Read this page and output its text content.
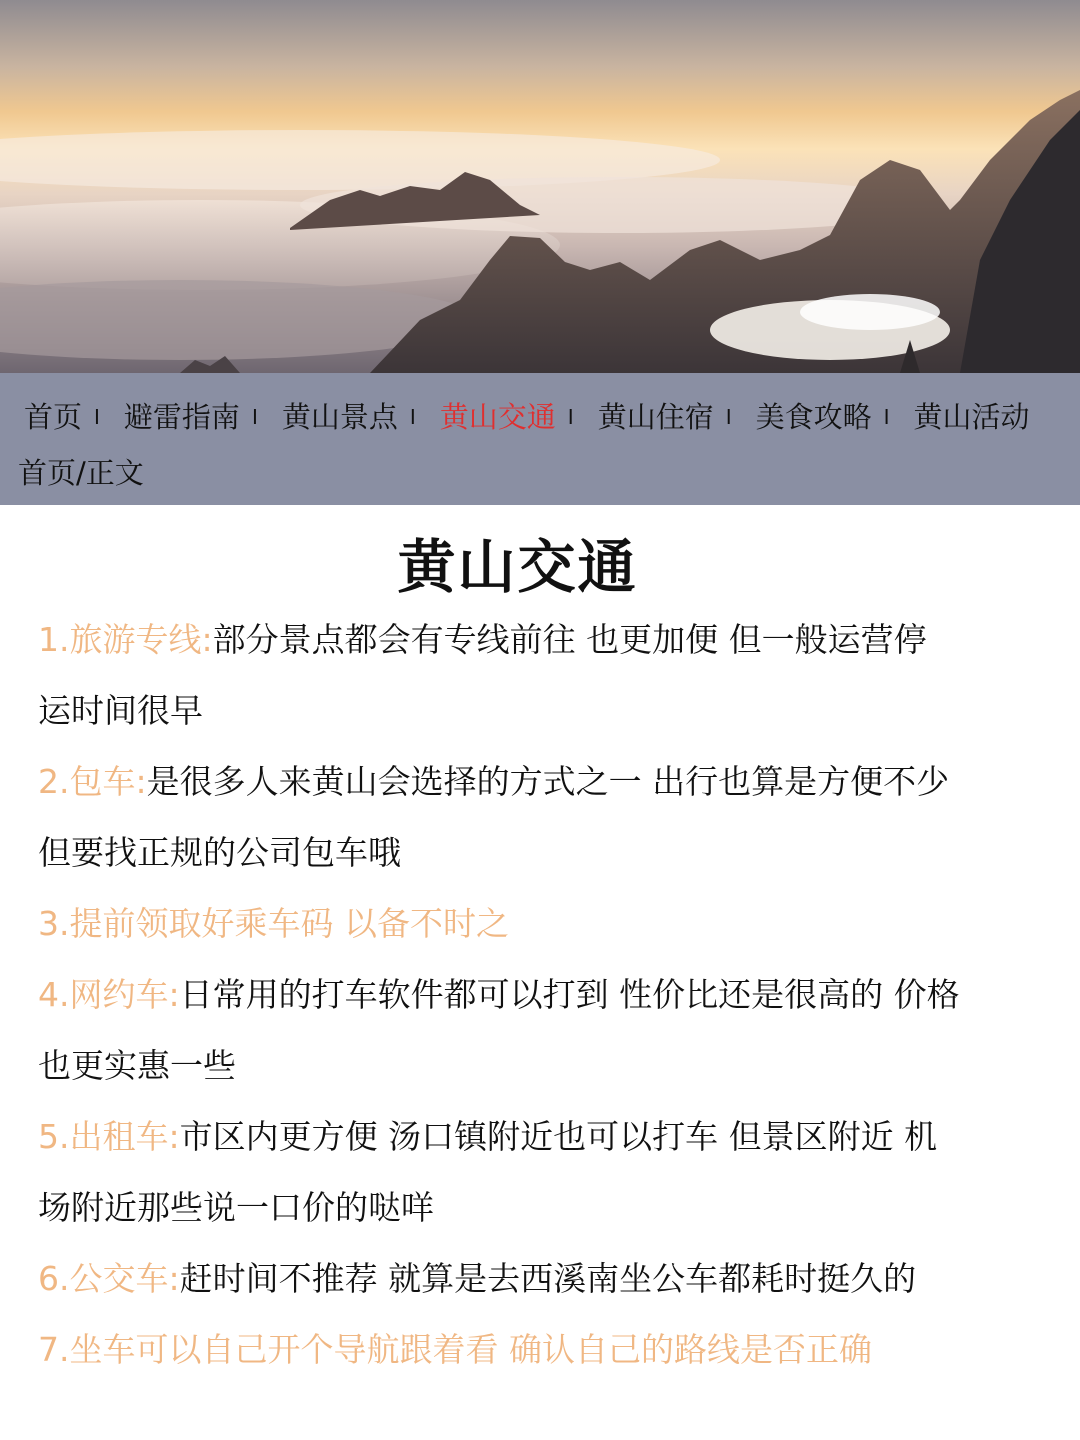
首页 I 避雷指南 I 黄山景点 I 黄山交通 I 黄山住宿 I 美食攻略 I 黄山活动
首页/正文
黄山交通
1.旅游专线:部分景点都会有专线前往 也更加便 但一般运营停
运时间很早
2.包车:是很多人来黄山会选择的方式之一 出行也算是方便不少
但要找正规的公司包车哦
3.提前领取好乘车码 以备不时之
4.网约车:日常用的打车软件都可以打到 性价比还是很高的 价格
也更实惠一些
5.出租车:市区内更方便 汤口镇附近也可以打车 但景区附近 机
场附近那些说一口价的哒咩
6.公交车:赶时间不推荐 就算是去西溪南坐公车都耗时挺久的
7.坐车可以自己开个导航跟着看 确认自己的路线是否正确
